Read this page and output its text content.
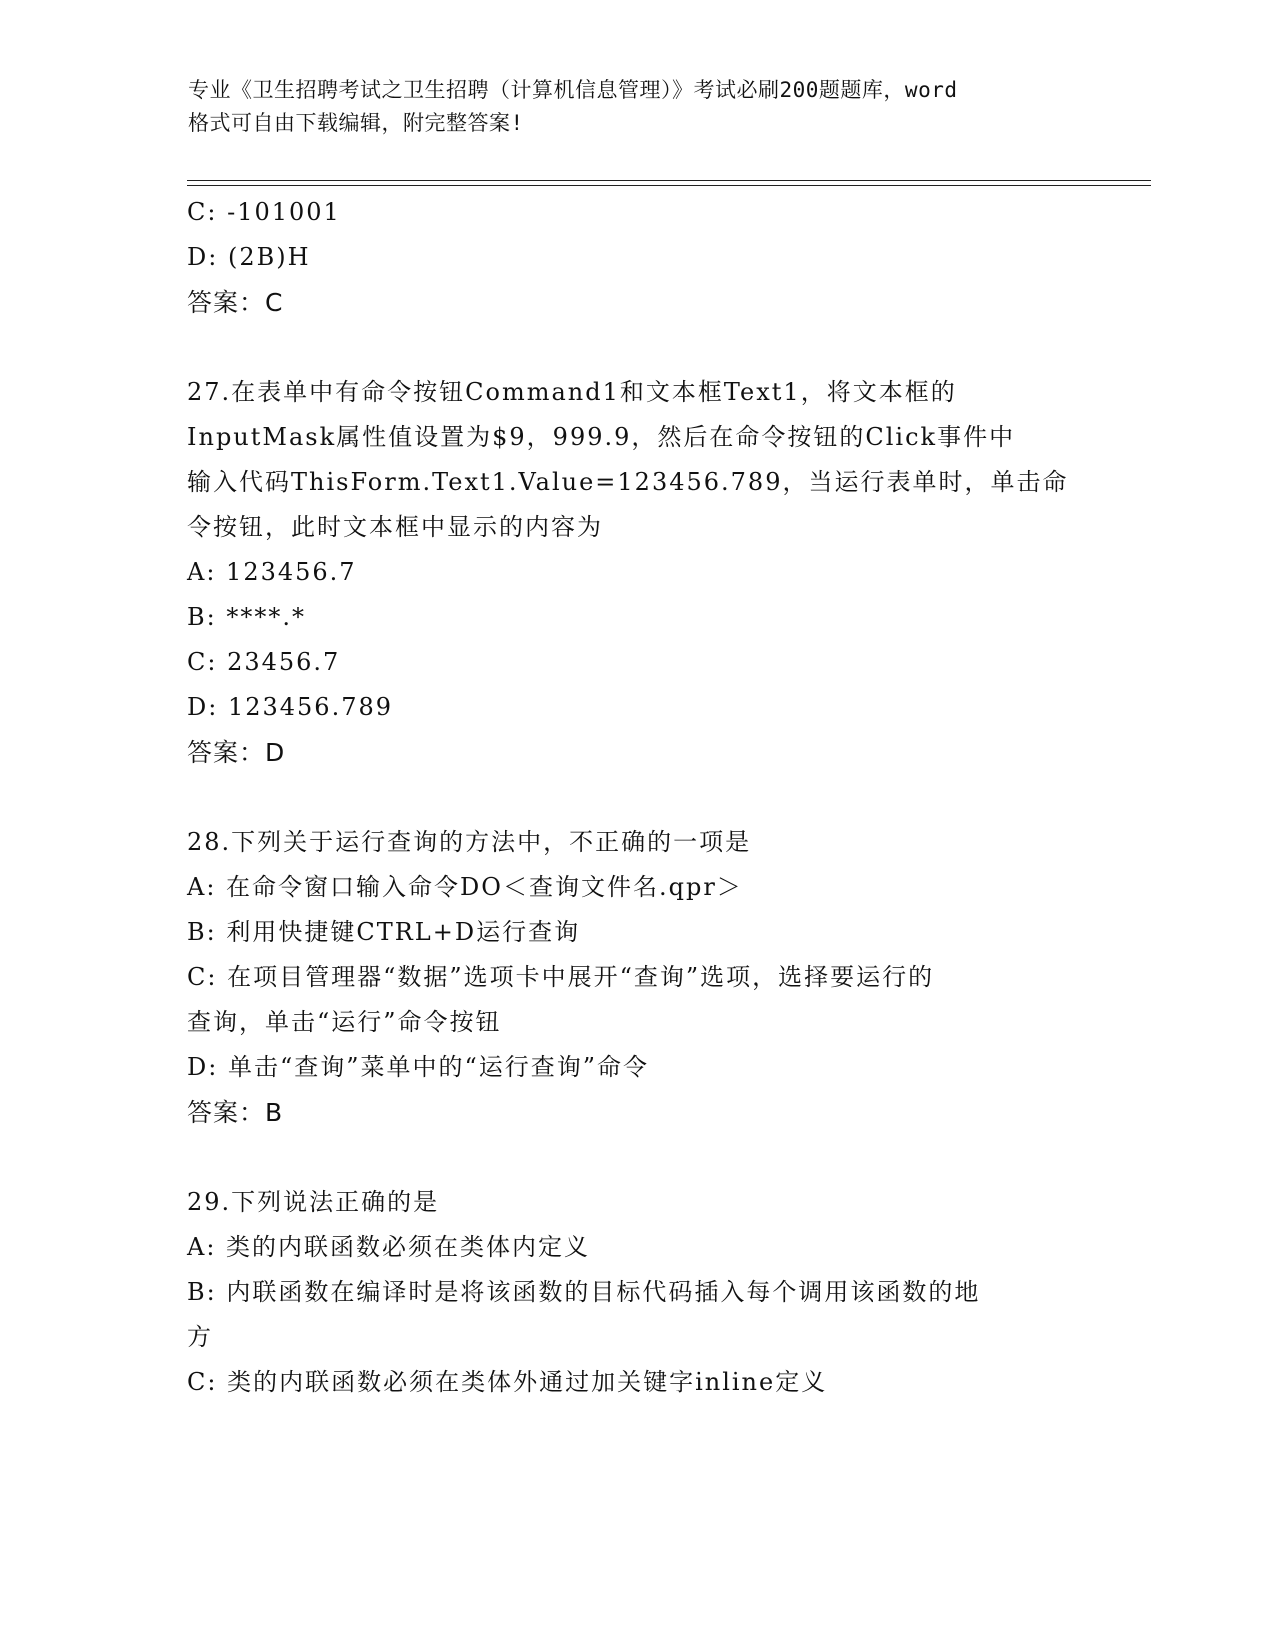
专业《卫生招聘考试之卫生招聘（计算机信息管理）》考试必刷200题题库，word
格式可自由下载编辑，附完整答案!
C: -101001
D: (2B)H
答案：C
27.在表单中有命令按钮Command1和文本框Text1，将文本框的
InputMask属性值设置为$9，999.9，然后在命令按钮的Click事件中
输入代码ThisForm.Text1.Value=123456.789，当运行表单时，单击命
令按钮，此时文本框中显示的内容为
A: 123456.7
B: ****.*
C: 23456.7
D: 123456.789
答案：D
28.下列关于运行查询的方法中，不正确的一项是
A: 在命令窗口输入命令DO＜查询文件名.qpr＞
B: 利用快捷键CTRL+D运行查询
C: 在项目管理器“数据”选项卡中展开“查询”选项，选择要运行的
查询，单击“运行”命令按钮
D: 单击“查询”菜单中的“运行查询”命令
答案：B
29.下列说法正确的是
A: 类的内联函数必须在类体内定义
B: 内联函数在编译时是将该函数的目标代码插入每个调用该函数的地
方
C: 类的内联函数必须在类体外通过加关键字inline定义
